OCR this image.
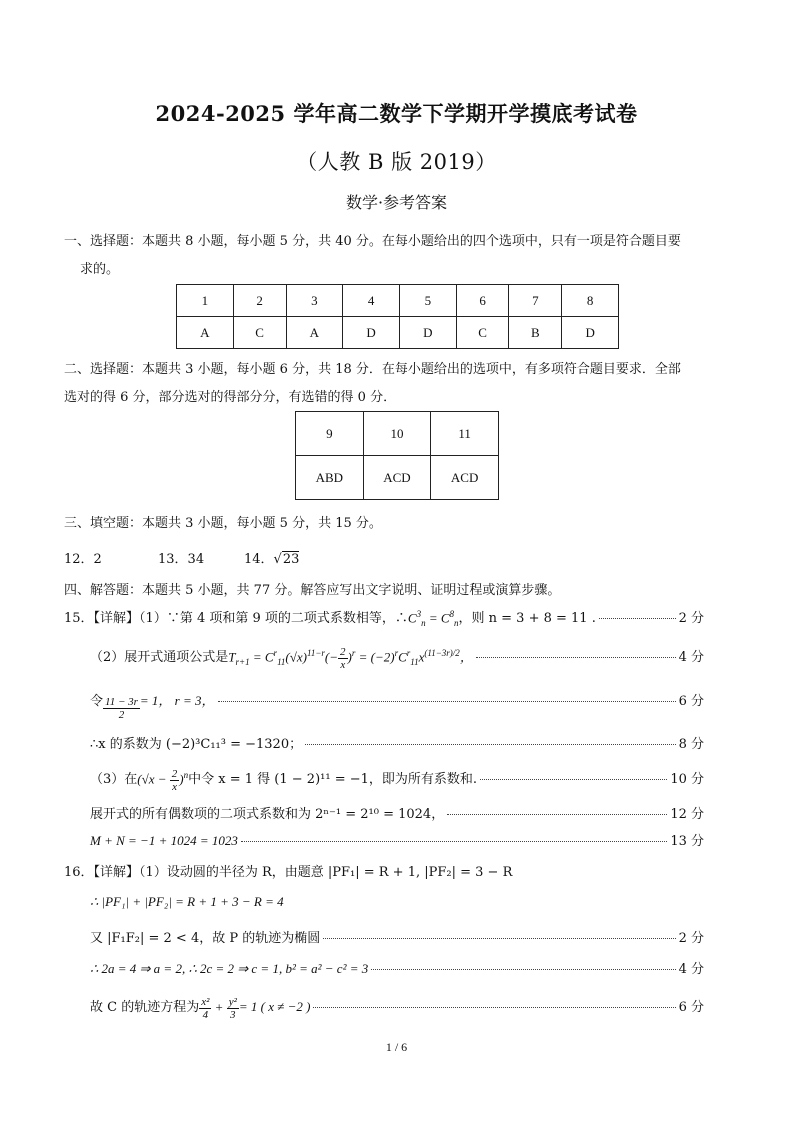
2024-2025 学年高二数学下学期开学摸底考试卷
（人教 B 版 2019）
数学·参考答案
一、选择题：本题共 8 小题，每小题 5 分，共 40 分。在每小题给出的四个选项中，只有一项是符合题目要
求的。
1	2	3	4	5	6	7	8
A	C	A	D	D	C	B	D
二、选择题：本题共 3 小题，每小题 6 分，共 18 分．在每小题给出的选项中，有多项符合题目要求．全部
选对的得 6 分，部分选对的得部分分，有选错的得 0 分．
9	10	11
ABD	ACD	ACD
三、填空题：本题共 3 小题，每小题 5 分，共 15 分。
12．2	13．34	14．√23
四、解答题：本题共 5 小题，共 77 分。解答应写出文字说明、证明过程或演算步骤。
15．【详解】（1）∵第 4 项和第 9 项的二项式系数相等，∴ $C^3_n = C^8_n$ ，则 n = 3 + 8 = 11 .	2 分
（2）展开式通项公式是 $T_{r+1} = C^r_{11}(√x)^{11-r}(- \frac{2}{x} )^r = (-2)^rC^r_{11}x^{(11-3r)/2}$，	4 分
令 $\frac{11 - 3r}{2} = 1$， r = 3，	6 分
∴x 的系数为 (−2)³C₁₁³ = −1320；	8 分
（3）在 $(√x - \frac{2}{x} )^n$ 中令 x = 1 得 (1 − 2)¹¹ = −1，即为所有系数和.	10 分
展开式的所有偶数项的二项式系数和为 2ⁿ⁻¹ = 2¹⁰ = 1024，	12 分
M + N = −1 + 1024 = 1023	13 分
16．【详解】（1）设动圆的半径为 R，由题意 |PF₁| = R + 1, |PF₂| = 3 − R
∴ |PF₁| + |PF₂| = R + 1 + 3 − R = 4
又 |F₁F₂| = 2 < 4，故 P 的轨迹为椭圆	2 分
∴ 2a = 4 ⇒ a = 2, ∴ 2c = 2 ⇒ c = 1, b² = a² − c² = 3	4 分
故 C 的轨迹方程为 $\frac{\text{x²}}{4} + \frac{\text{y²}}{3} = 1$ ( x ≠ −2 )	6 分
1 / 6
